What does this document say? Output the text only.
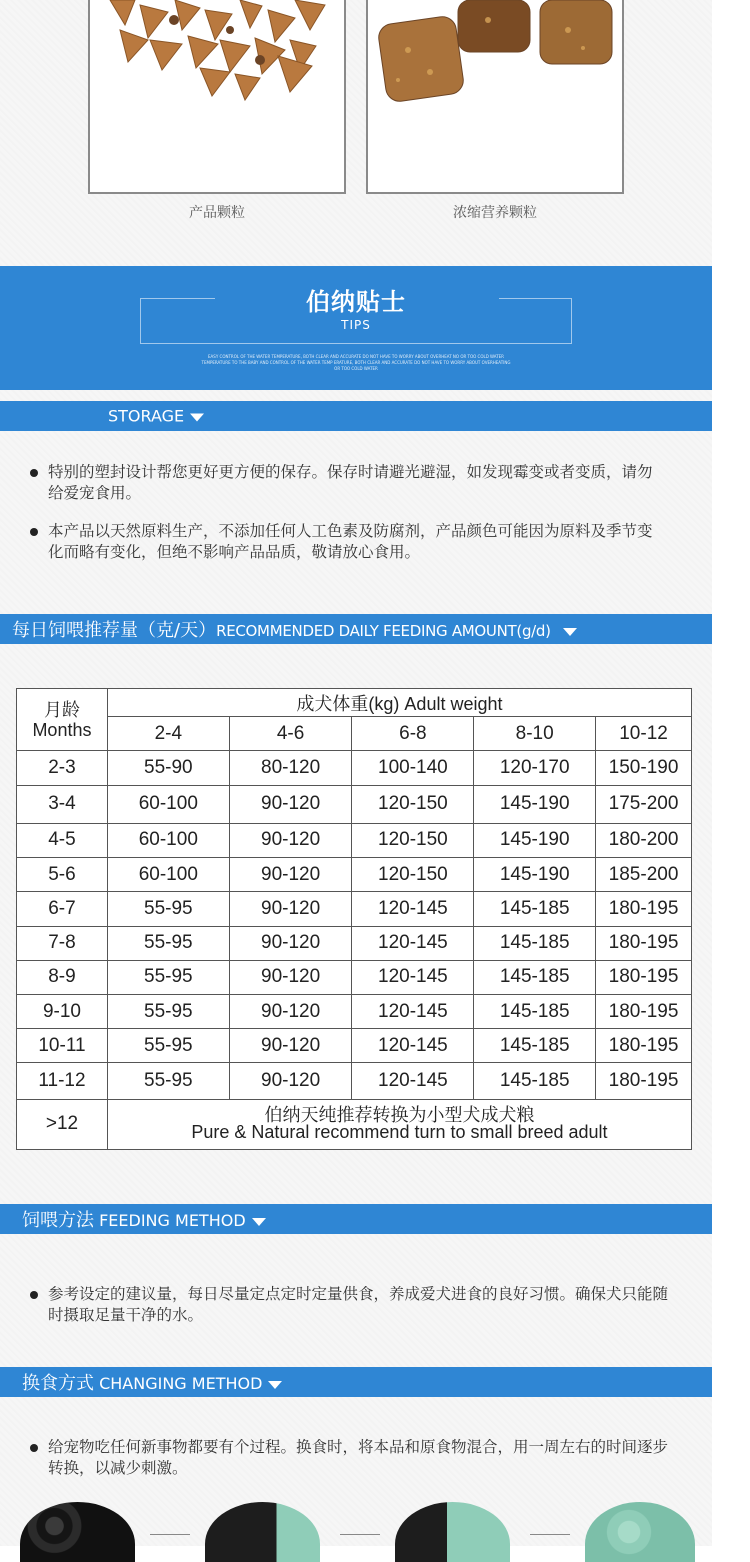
产品颗粒	浓缩营养颗粒
伯纳贴士
TIPS
EASY CONTROL OF THE WATER TEMPERATURE, BOTH CLEAR AND ACCURATE DO NOT HAVE TO WORRY ABOUT OVERHEAT NO OR TOO COLD WATER TEMPERATURE TO THE BABY AND CONTROL OF THE WATER TEMP ERATURE, BOTH CLEAR AND ACCURATE DO NOT HAVE TO WORRY ABOUT OVERHEATING OR TOO COLD WATER
STORAGE
特别的塑封设计帮您更好更方便的保存。保存时请避光避湿，如发现霉变或者变质，请勿给爱宠食用。
本产品以天然原料生产，不添加任何人工色素及防腐剂，产品颜色可能因为原料及季节变化而略有变化，但绝不影响产品品质，敬请放心食用。
每日饲喂推荐量（克/天）RECOMMENDED DAILY FEEDING AMOUNT(g/d)
月龄
Months	成犬体重(kg) Adult weight				
	2-4	4-6	6-8	8-10	10-12
2-3	55-90	80-120	100-140	120-170	150-190
3-4	60-100	90-120	120-150	145-190	175-200
4-5	60-100	90-120	120-150	145-190	180-200
5-6	60-100	90-120	120-150	145-190	185-200
6-7	55-95	90-120	120-145	145-185	180-195
7-8	55-95	90-120	120-145	145-185	180-195
8-9	55-95	90-120	120-145	145-185	180-195
9-10	55-95	90-120	120-145	145-185	180-195
10-11	55-95	90-120	120-145	145-185	180-195
11-12	55-95	90-120	120-145	145-185	180-195
>12	伯纳天纯推荐转换为小型犬成犬粮
Pure & Natural recommend turn to small breed adult				
饲喂方法 FEEDING METHOD
参考设定的建议量，每日尽量定点定时定量供食，养成爱犬进食的良好习惯。确保犬只能随时摄取足量干净的水。
换食方式 CHANGING METHOD
给宠物吃任何新事物都要有个过程。换食时，将本品和原食物混合，用一周左右的时间逐步转换，以减少刺激。
